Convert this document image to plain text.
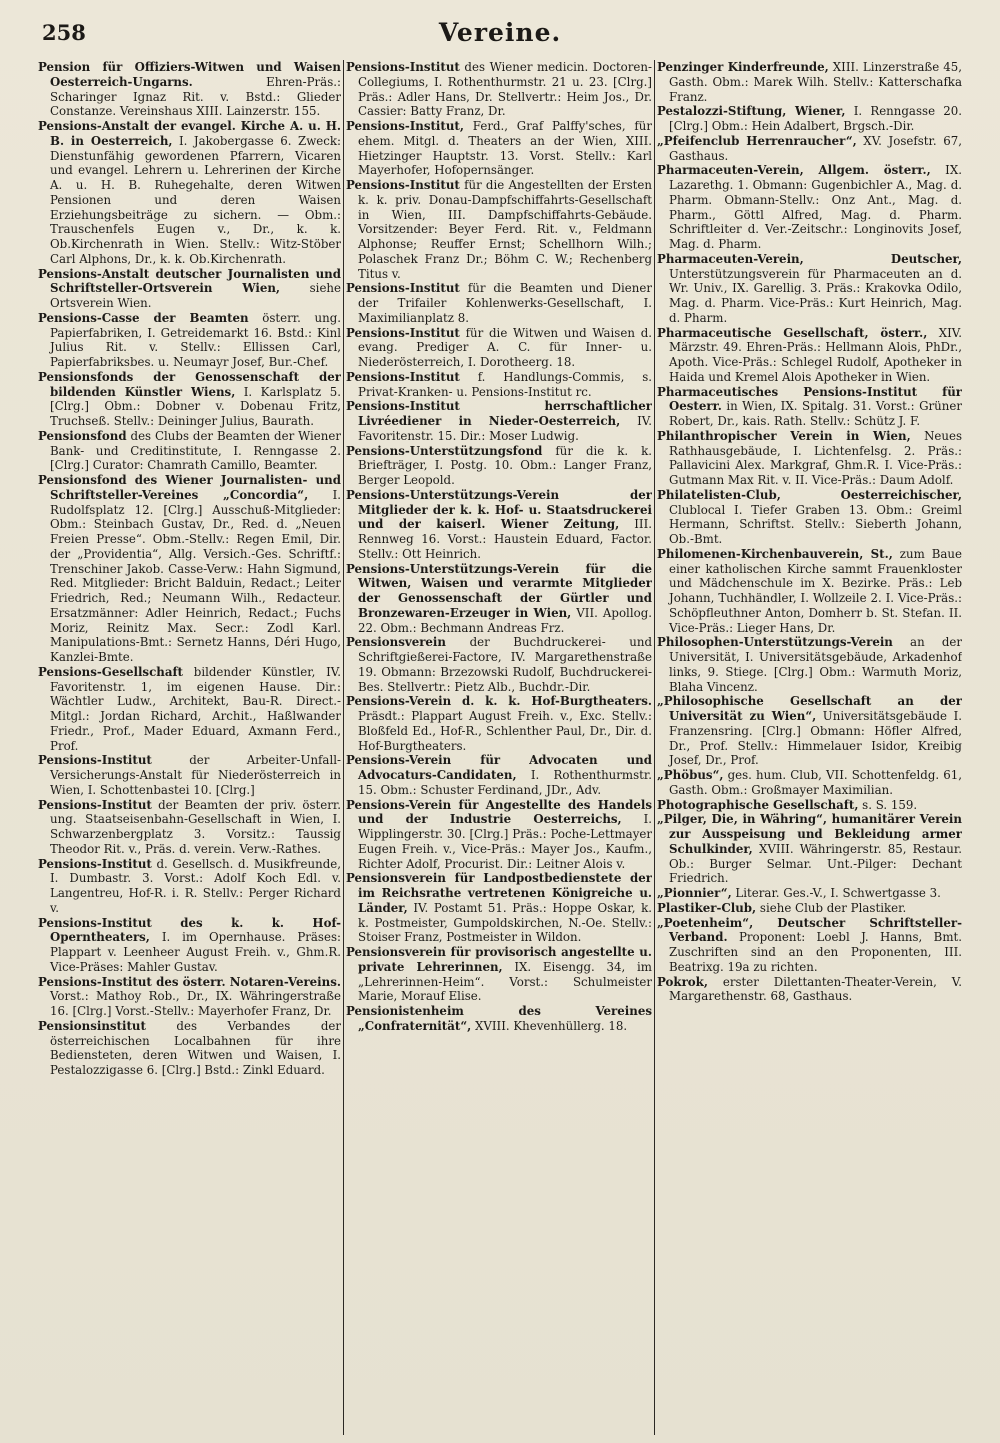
258	Vereine.

Pension für Offiziers-Witwen und Waisen Oesterreich-Ungarns. Ehren-Präs.: Scharinger Ignaz Rit. v. Bstd.: Glieder Constanze. Vereinshaus XIII. Lainzerstr. 155.

Pensions-Anstalt der evangel. Kirche A. u. H. B. in Oesterreich, I. Jakobergasse 6. Zweck: Dienstunfähig gewordenen Pfarrern, Vicaren und evangel. Lehrern u. Lehrerinen der Kirche A. u. H. B. Ruhegehalte, deren Witwen Pensionen und deren Waisen Erziehungsbeiträge zu sichern. — Obm.: Trauschenfels Eugen v., Dr., k. k. Ob.Kirchenrath in Wien. Stellv.: Witz-Stöber Carl Alphons, Dr., k. k. Ob.Kirchenrath.

Pensions-Anstalt deutscher Journalisten und Schriftsteller-Ortsverein Wien, siehe Ortsverein Wien.

Pensions-Casse der Beamten österr. ung. Papierfabriken, I. Getreidemarkt 16. Bstd.: Kinl Julius Rit. v. Stellv.: Ellissen Carl, Papierfabriksbes. u. Neumayr Josef, Bur.-Chef.

Pensionsfonds der Genossenschaft der bildenden Künstler Wiens, I. Karlsplatz 5. [Clrg.] Obm.: Dobner v. Dobenau Fritz, Truchseß. Stellv.: Deininger Julius, Baurath.

Pensionsfond des Clubs der Beamten der Wiener Bank- und Creditinstitute, I. Renngasse 2. [Clrg.] Curator: Chamrath Camillo, Beamter.

Pensionsfond des Wiener Journalisten- und Schriftsteller-Vereines „Concordia“, I. Rudolfsplatz 12. [Clrg.] Ausschuß-Mitglieder: Obm.: Steinbach Gustav, Dr., Red. d. „Neuen Freien Presse“. Obm.-Stellv.: Regen Emil, Dir. der „Providentia“, Allg. Versich.-Ges. Schriftf.: Trenschiner Jakob. Casse-Verw.: Hahn Sigmund, Red. Mitglieder: Bricht Balduin, Redact.; Leiter Friedrich, Red.; Neumann Wilh., Redacteur. Ersatzmänner: Adler Heinrich, Redact.; Fuchs Moriz, Reinitz Max. Secr.: Zodl Karl. Manipulations-Bmt.: Sernetz Hanns, Déri Hugo, Kanzlei-Bmte.

Pensions-Gesellschaft bildender Künstler, IV. Favoritenstr. 1, im eigenen Hause. Dir.: Wächtler Ludw., Architekt, Bau-R. Direct.-Mitgl.: Jordan Richard, Archit., Haßlwander Friedr., Prof., Mader Eduard, Axmann Ferd., Prof.

Pensions-Institut der Arbeiter-Unfall-Versicherungs-Anstalt für Niederösterreich in Wien, I. Schottenbastei 10. [Clrg.]

Pensions-Institut der Beamten der priv. österr. ung. Staatseisenbahn-Gesellschaft in Wien, I. Schwarzenbergplatz 3. Vorsitz.: Taussig Theodor Rit. v., Präs. d. verein. Verw.-Rathes.

Pensions-Institut d. Gesellsch. d. Musikfreunde, I. Dumbastr. 3. Vorst.: Adolf Koch Edl. v. Langentreu, Hof-R. i. R. Stellv.: Perger Richard v.

Pensions-Institut des k. k. Hof-Operntheaters, I. im Opernhause. Präses: Plappart v. Leenheer August Freih. v., Ghm.R. Vice-Präses: Mahler Gustav.

Pensions-Institut des österr. Notaren-Vereins. Vorst.: Mathoy Rob., Dr., IX. Währingerstraße 16. [Clrg.] Vorst.-Stellv.: Mayerhofer Franz, Dr.

Pensionsinstitut des Verbandes der österreichischen Localbahnen für ihre Bediensteten, deren Witwen und Waisen, I. Pestalozzigasse 6. [Clrg.] Bstd.: Zinkl Eduard.

Pensions-Institut des Wiener medicin. Doctoren-Collegiums, I. Rothenthurmstr. 21 u. 23. [Clrg.] Präs.: Adler Hans, Dr. Stellvertr.: Heim Jos., Dr. Cassier: Batty Franz, Dr.

Pensions-Institut, Ferd., Graf Palffy'sches, für ehem. Mitgl. d. Theaters an der Wien, XIII. Hietzinger Hauptstr. 13. Vorst. Stellv.: Karl Mayerhofer, Hofopernsänger.

Pensions-Institut für die Angestellten der Ersten k. k. priv. Donau-Dampfschiffahrts-Gesellschaft in Wien, III. Dampfschiffahrts-Gebäude. Vorsitzender: Beyer Ferd. Rit. v., Feldmann Alphonse; Reuffer Ernst; Schellhorn Wilh.; Polaschek Franz Dr.; Böhm C. W.; Rechenberg Titus v.

Pensions-Institut für die Beamten und Diener der Trifailer Kohlenwerks-Gesellschaft, I. Maximilianplatz 8.

Pensions-Institut für die Witwen und Waisen d. evang. Prediger A. C. für Inner- u. Niederösterreich, I. Dorotheerg. 18.

Pensions-Institut f. Handlungs-Commis, s. Privat-Kranken- u. Pensions-Institut rc.

Pensions-Institut herrschaftlicher Livréediener in Nieder-Oesterreich, IV. Favoritenstr. 15. Dir.: Moser Ludwig.

Pensions-Unterstützungsfond für die k. k. Briefträger, I. Postg. 10. Obm.: Langer Franz, Berger Leopold.

Pensions-Unterstützungs-Verein der Mitglieder der k. k. Hof- u. Staatsdruckerei und der kaiserl. Wiener Zeitung, III. Rennweg 16. Vorst.: Haustein Eduard, Factor. Stellv.: Ott Heinrich.

Pensions-Unterstützungs-Verein für die Witwen, Waisen und verarmte Mitglieder der Genossenschaft der Gürtler und Bronzewaren-Erzeuger in Wien, VII. Apollog. 22. Obm.: Bechmann Andreas Frz.

Pensionsverein der Buchdruckerei- und Schriftgießerei-Factore, IV. Margarethenstraße 19. Obmann: Brzezowski Rudolf, Buchdruckerei-Bes. Stellvertr.: Pietz Alb., Buchdr.-Dir.

Pensions-Verein d. k. k. Hof-Burgtheaters. Präsdt.: Plappart August Freih. v., Exc. Stellv.: Bloßfeld Ed., Hof-R., Schlenther Paul, Dr., Dir. d. Hof-Burgtheaters.

Pensions-Verein für Advocaten und Advocaturs-Candidaten, I. Rothenthurmstr. 15. Obm.: Schuster Ferdinand, JDr., Adv.

Pensions-Verein für Angestellte des Handels und der Industrie Oesterreichs, I. Wipplingerstr. 30. [Clrg.] Präs.: Poche-Lettmayer Eugen Freih. v., Vice-Präs.: Mayer Jos., Kaufm., Richter Adolf, Procurist. Dir.: Leitner Alois v.

Pensionsverein für Landpostbedienstete der im Reichsrathe vertretenen Königreiche u. Länder, IV. Postamt 51. Präs.: Hoppe Oskar, k. k. Postmeister, Gumpoldskirchen, N.-Oe. Stellv.: Stoiser Franz, Postmeister in Wildon.

Pensionsverein für provisorisch angestellte u. private Lehrerinnen, IX. Eisengg. 34, im „Lehrerinnen-Heim“. Vorst.: Schulmeister Marie, Morauf Elise.

Pensionistenheim des Vereines „Confraternität“, XVIII. Khevenhüllerg. 18.

Penzinger Kinderfreunde, XIII. Linzerstraße 45, Gasth. Obm.: Marek Wilh. Stellv.: Katterschafka Franz.

Pestalozzi-Stiftung, Wiener, I. Renngasse 20. [Clrg.] Obm.: Hein Adalbert, Brgsch.-Dir.

„Pfeifenclub Herrenraucher“, XV. Josefstr. 67, Gasthaus.

Pharmaceuten-Verein, Allgem. österr., IX. Lazarethg. 1. Obmann: Gugenbichler A., Mag. d. Pharm. Obmann-Stellv.: Onz Ant., Mag. d. Pharm., Göttl Alfred, Mag. d. Pharm. Schriftleiter d. Ver.-Zeitschr.: Longinovits Josef, Mag. d. Pharm.

Pharmaceuten-Verein, Deutscher, Unterstützungsverein für Pharmaceuten an d. Wr. Univ., IX. Garellig. 3. Präs.: Krakovka Odilo, Mag. d. Pharm. Vice-Präs.: Kurt Heinrich, Mag. d. Pharm.

Pharmaceutische Gesellschaft, österr., XIV. Märzstr. 49. Ehren-Präs.: Hellmann Alois, PhDr., Apoth. Vice-Präs.: Schlegel Rudolf, Apotheker in Haida und Kremel Alois Apotheker in Wien.

Pharmaceutisches Pensions-Institut für Oesterr. in Wien, IX. Spitalg. 31. Vorst.: Grüner Robert, Dr., kais. Rath. Stellv.: Schütz J. F.

Philanthropischer Verein in Wien, Neues Rathhausgebäude, I. Lichtenfelsg. 2. Präs.: Pallavicini Alex. Markgraf, Ghm.R. I. Vice-Präs.: Gutmann Max Rit. v. II. Vice-Präs.: Daum Adolf.

Philatelisten-Club, Oesterreichischer, Clublocal I. Tiefer Graben 13. Obm.: Greiml Hermann, Schriftst. Stellv.: Sieberth Johann, Ob.-Bmt.

Philomenen-Kirchenbauverein, St., zum Baue einer katholischen Kirche sammt Frauenkloster und Mädchenschule im X. Bezirke. Präs.: Leb Johann, Tuchhändler, I. Wollzeile 2. I. Vice-Präs.: Schöpfleuthner Anton, Domherr b. St. Stefan. II. Vice-Präs.: Lieger Hans, Dr.

Philosophen-Unterstützungs-Verein an der Universität, I. Universitätsgebäude, Arkadenhof links, 9. Stiege. [Clrg.] Obm.: Warmuth Moriz, Blaha Vincenz.

„Philosophische Gesellschaft an der Universität zu Wien“, Universitätsgebäude I. Franzensring. [Clrg.] Obmann: Höfler Alfred, Dr., Prof. Stellv.: Himmelauer Isidor, Kreibig Josef, Dr., Prof.

„Phöbus“, ges. hum. Club, VII. Schottenfeldg. 61, Gasth. Obm.: Großmayer Maximilian.

Photographische Gesellschaft, s. S. 159.

„Pilger, Die, in Währing“, humanitärer Verein zur Ausspeisung und Bekleidung armer Schulkinder, XVIII. Währingerstr. 85, Restaur. Ob.: Burger Selmar. Unt.-Pilger: Dechant Friedrich.

„Pionnier“, Literar. Ges.-V., I. Schwertgasse 3.

Plastiker-Club, siehe Club der Plastiker.

„Poetenheim“, Deutscher Schriftsteller-Verband. Proponent: Loebl J. Hanns, Bmt. Zuschriften sind an den Proponenten, III. Beatrixg. 19a zu richten.

Pokrok, erster Dilettanten-Theater-Verein, V. Margarethenstr. 68, Gasthaus.
